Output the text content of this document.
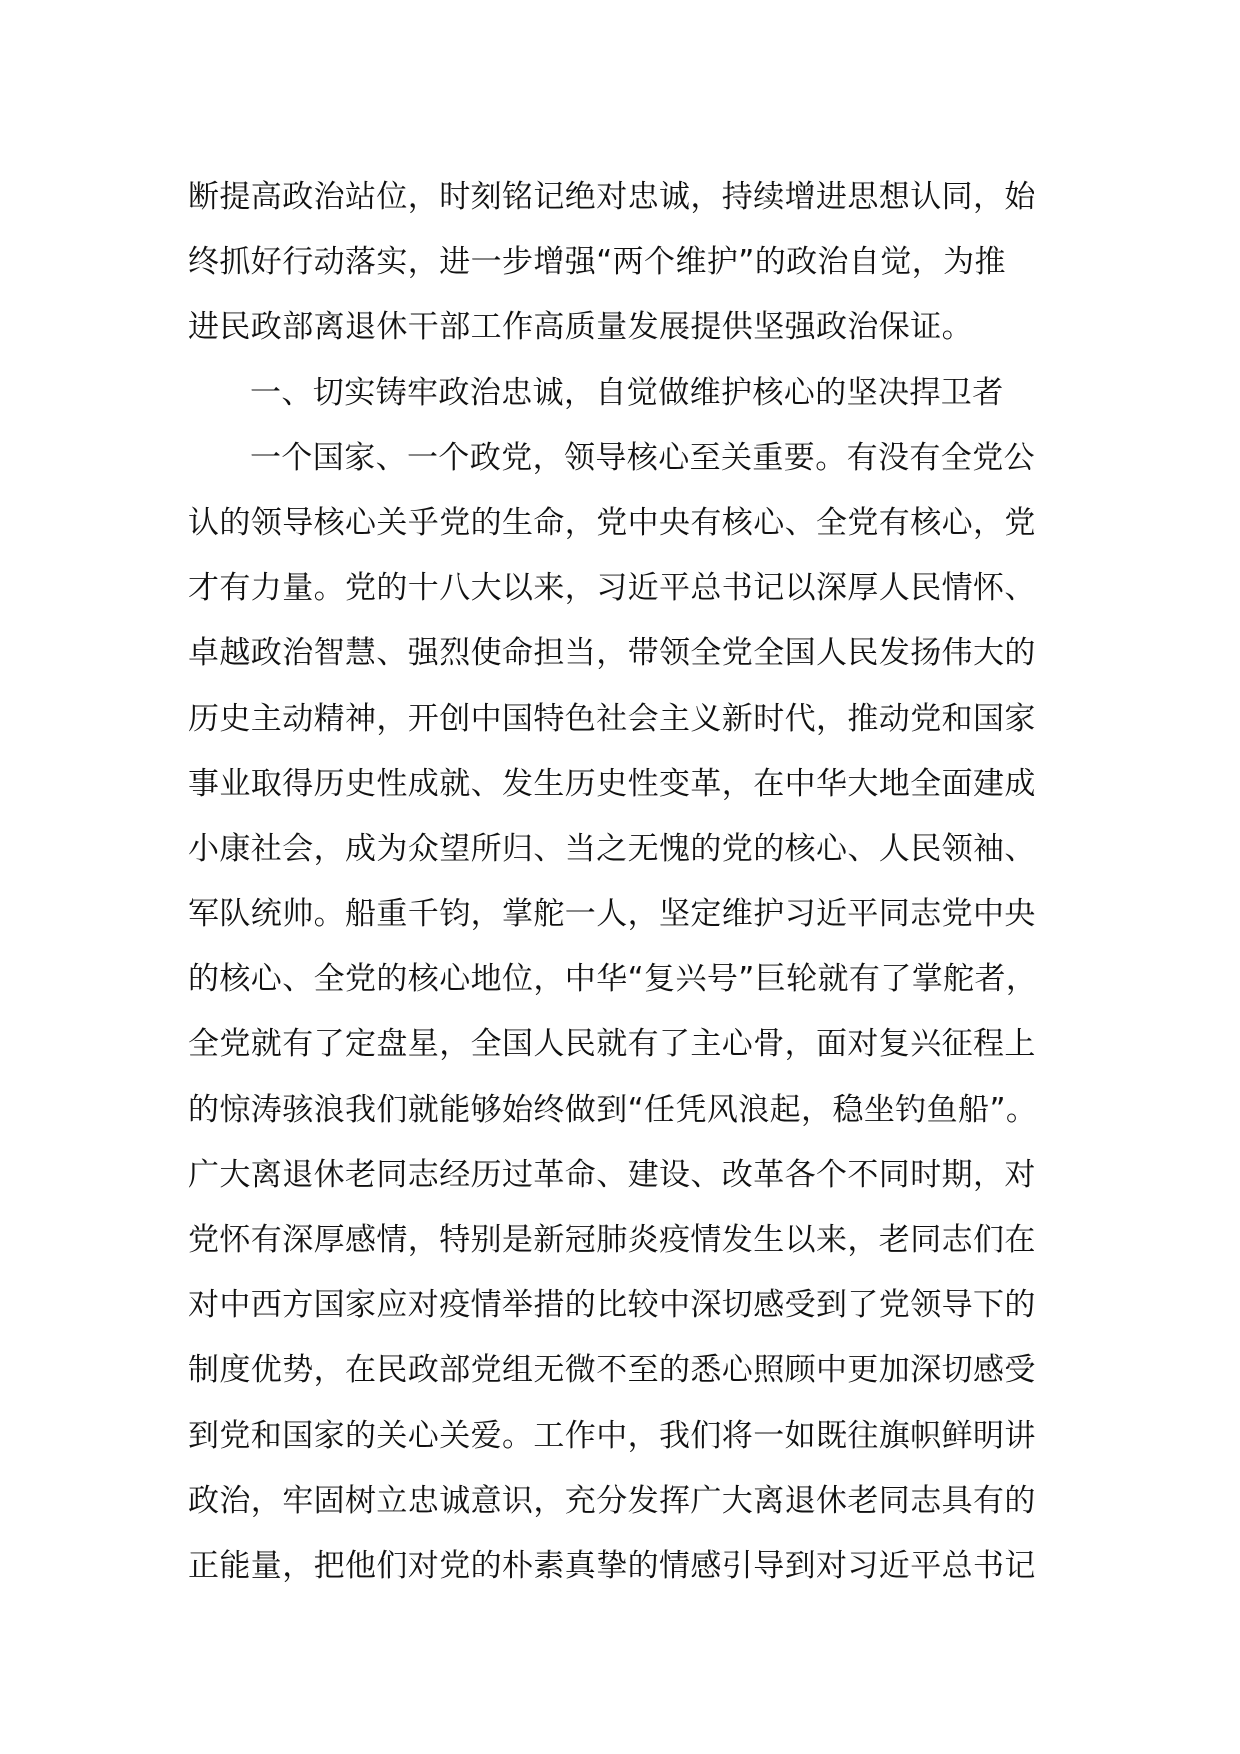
断提高政治站位，时刻铭记绝对忠诚，持续增进思想认同，始
终抓好行动落实，进一步增强“两个维护”的政治自觉，为推
进民政部离退休干部工作高质量发展提供坚强政治保证。
一、切实铸牢政治忠诚，自觉做维护核心的坚决捍卫者
一个国家、一个政党，领导核心至关重要。有没有全党公
认的领导核心关乎党的生命，党中央有核心、全党有核心，党
才有力量。党的十八大以来，习近平总书记以深厚人民情怀、
卓越政治智慧、强烈使命担当，带领全党全国人民发扬伟大的
历史主动精神，开创中国特色社会主义新时代，推动党和国家
事业取得历史性成就、发生历史性变革，在中华大地全面建成
小康社会，成为众望所归、当之无愧的党的核心、人民领袖、
军队统帅。船重千钧，掌舵一人，坚定维护习近平同志党中央
的核心、全党的核心地位，中华“复兴号”巨轮就有了掌舵者，
全党就有了定盘星，全国人民就有了主心骨，面对复兴征程上
的惊涛骇浪我们就能够始终做到“任凭风浪起，稳坐钓鱼船”。
广大离退休老同志经历过革命、建设、改革各个不同时期，对
党怀有深厚感情，特别是新冠肺炎疫情发生以来，老同志们在
对中西方国家应对疫情举措的比较中深切感受到了党领导下的
制度优势，在民政部党组无微不至的悉心照顾中更加深切感受
到党和国家的关心关爱。工作中，我们将一如既往旗帜鲜明讲
政治，牢固树立忠诚意识，充分发挥广大离退休老同志具有的
正能量，把他们对党的朴素真挚的情感引导到对习近平总书记
